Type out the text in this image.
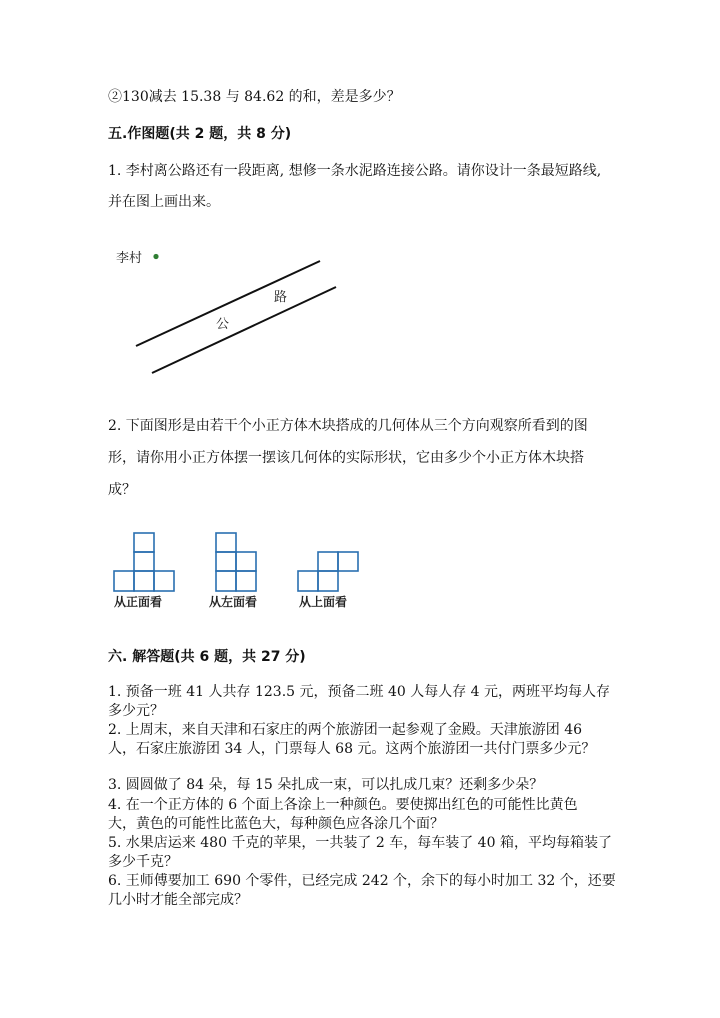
②130减去 15.38 与 84.62 的和，差是多少？
五.作图题(共 2 题，共 8 分)
1. 李村离公路还有一段距离, 想修一条水泥路连接公路。请你设计一条最短路线,
并在图上画出来。
李村
公
路
2. 下面图形是由若干个小正方体木块搭成的几何体从三个方向观察所看到的图
形，请你用小正方体摆一摆该几何体的实际形状，它由多少个小正方体木块搭
成？
从正面看	从左面看	从上面看
六. 解答题(共 6 题，共 27 分)
1. 预备一班 41 人共存 123.5 元，预备二班 40 人每人存 4 元，两班平均每人存
多少元？
2. 上周末，来自天津和石家庄的两个旅游团一起参观了金殿。天津旅游团 46
人，石家庄旅游团 34 人，门票每人 68 元。这两个旅游团一共付门票多少元？
3. 圆圆做了 84 朵，每 15 朵扎成一束，可以扎成几束？还剩多少朵？
4. 在一个正方体的 6 个面上各涂上一种颜色。要使掷出红色的可能性比黄色
大，黄色的可能性比蓝色大，每种颜色应各涂几个面？
5. 水果店运来 480 千克的苹果，一共装了 2 车，每车装了 40 箱，平均每箱装了
多少千克？
6. 王师傅要加工 690 个零件，已经完成 242 个，余下的每小时加工 32 个，还要
几小时才能全部完成？
